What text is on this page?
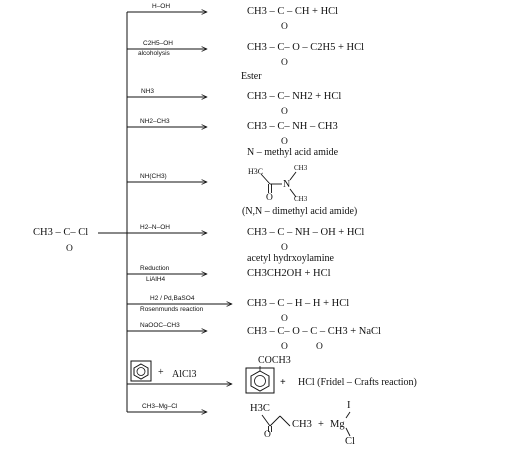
CH3 – C– Cl
O
H–OH	CH3 – C – CH + HCl
O
C2H5–OH
alcoholysis
CH3 – C– O – C2H5 + HCl
O
Ester
NH3	CH3 – C– NH2 + HCl
O
NH2–CH3	CH3 – C– NH – CH3
O
N – methyl acid amide
NH(CH3)
H3C
N
CH3
CH3
O
(N,N – dimethyl acid amide)
H2–N–OH	CH3 – C – NH – OH + HCl
O
acetyl hydrxoylamine
Reduction
LiAlH4
CH3CH2OH + HCl
H2 / Pd,BaSO4
Rosenmunds reaction
CH3 – C – H – H + HCl
O
NaOOC–CH3
CH3 – C– O – C – CH3 + NaCl
O	O
+ AlCl3
COCH3
+ HCl (Fridel – Crafts reaction)
CH3–Mg–Cl	H3C
O
CH3 + Mg
I
Cl
